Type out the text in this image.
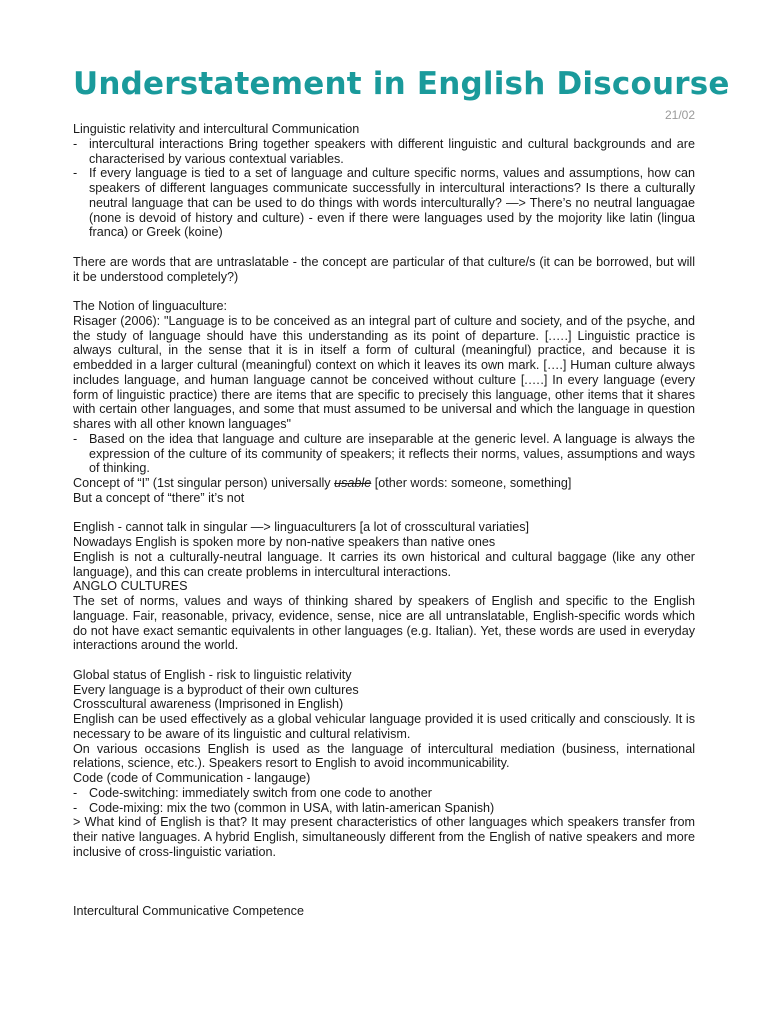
Understatement in English Discourse
21/02

Linguistic relativity and intercultural Communication

- intercultural interactions Bring together speakers with different linguistic and cultural backgrounds and are characterised by various contextual variables.
- If every language is tied to a set of language and culture specific norms, values and assumptions, how can speakers of different languages communicate successfully in intercultural interactions? Is there a culturally neutral language that can be used to do things with words interculturally? —> There’s no neutral languagae (none is devoid of history and culture) - even if there were languages used by the mojority like latin (lingua franca) or Greek (koine)

There are words that are untraslatable - the concept are particular of that culture/s (it can be borrowed, but will it be understood completely?)

The Notion of linguaculture:

Risager (2006): "Language is to be conceived as an integral part of culture and society, and of the psyche, and the study of language should have this understanding as its point of departure. [.….] Linguistic practice is always cultural, in the sense that it is in itself a form of cultural (meaningful) practice, and because it is embedded in a larger cultural (meaningful) context on which it leaves its own mark. [….] Human culture always includes language, and human language cannot be conceived without culture [.….] In every language (every form of linguistic practice) there are items that are specific to precisely this language, other items that it shares with certain other languages, and some that must assumed to be universal and which the language in question shares with all other known languages"

- Based on the idea that language and culture are inseparable at the generic level. A language is always the expression of the culture of its community of speakers; it reflects their norms, values, assumptions and ways of thinking.

Concept of “I” (1st singular person) universally usable [other words: someone, something]

But a concept of “there” it’s not

English - cannot talk in singular —> linguaculturers [a lot of crosscultural variaties]

Nowadays English is spoken more by non-native speakers than native ones

English is not a culturally-neutral language. It carries its own historical and cultural baggage (like any other language), and this can create problems in intercultural interactions.

ANGLO CULTURES

The set of norms, values and ways of thinking shared by speakers of English and specific to the English language. Fair, reasonable, privacy, evidence, sense, nice are all untranslatable, English-specific words which do not have exact semantic equivalents in other languages (e.g. Italian). Yet, these words are used in everyday interactions around the world.

Global status of English - risk to linguistic relativity

Every language is a byproduct of their own cultures

Crosscultural awareness (Imprisoned in English)

English can be used effectively as a global vehicular language provided it is used critically and consciously. It is necessary to be aware of its linguistic and cultural relativism.

On various occasions English is used as the language of intercultural mediation (business, international relations, science, etc.). Speakers resort to English to avoid incommunicability.

Code (code of Communication - langauge)

- Code-switching: immediately switch from one code to another
- Code-mixing: mix the two (common in USA, with latin-american Spanish)

> What kind of English is that? It may present characteristics of other languages which speakers transfer from their native languages. A hybrid English, simultaneously different from the English of native speakers and more inclusive of cross-linguistic variation.

Intercultural Communicative Competence
